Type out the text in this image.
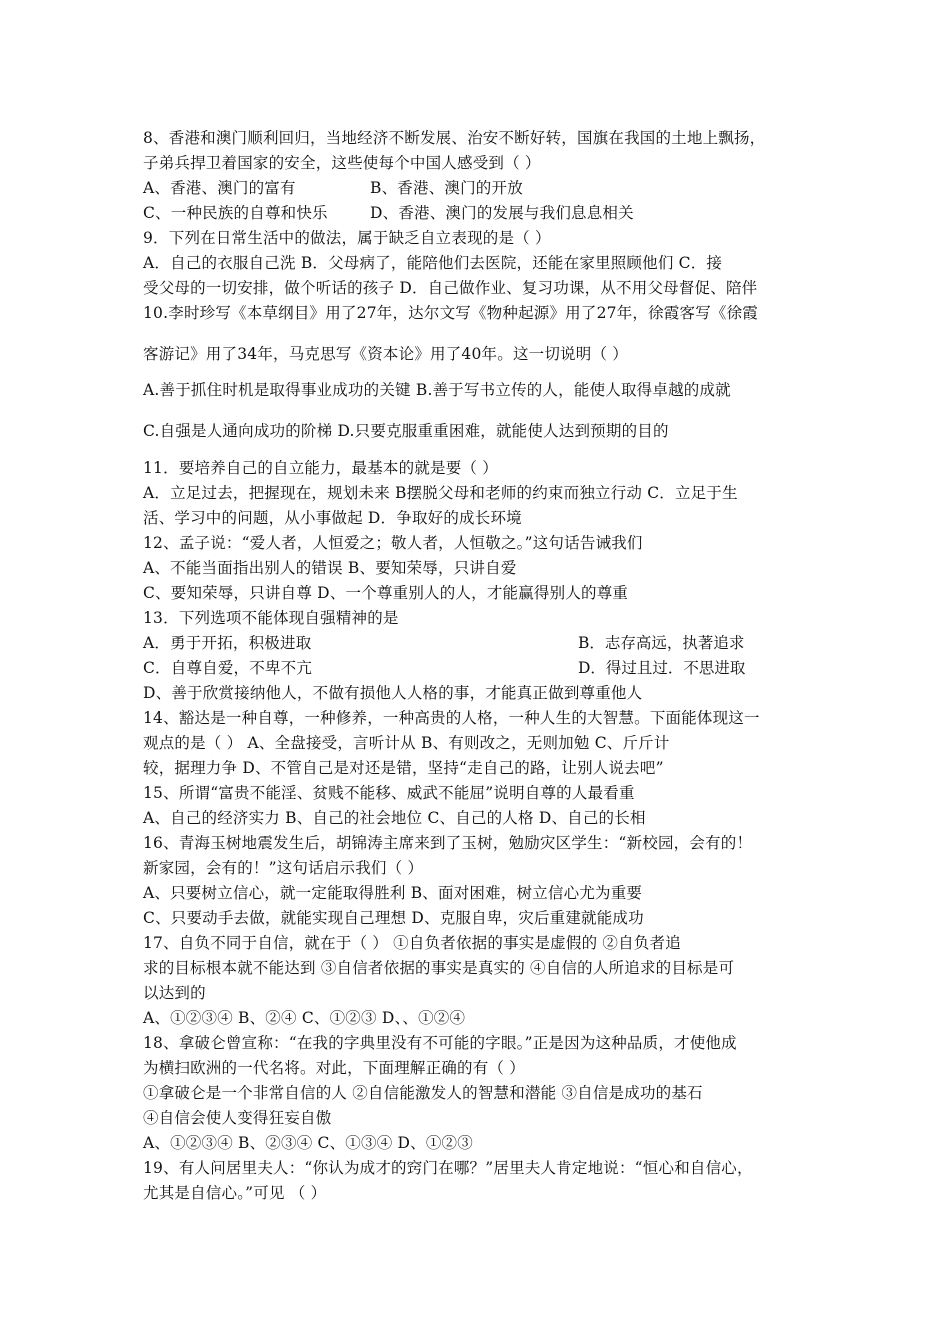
8、香港和澳门顺利回归，当地经济不断发展、治安不断好转，国旗在我国的土地上飘扬，
子弟兵捍卫着国家的安全，这些使每个中国人感受到（ ）
A、香港、澳门的富有	B、香港、澳门的开放
C、一种民族的自尊和快乐	D、香港、澳门的发展与我们息息相关
9．下列在日常生活中的做法，属于缺乏自立表现的是（ ）
A．自己的衣服自己洗 B．父母病了，能陪他们去医院，还能在家里照顾他们 C．接
受父母的一切安排，做个听话的孩子 D．自己做作业、复习功课，从不用父母督促、陪伴
10.李时珍写《本草纲目》用了27年，达尔文写《物种起源》用了27年，徐霞客写《徐霞
客游记》用了34年，马克思写《资本论》用了40年。这一切说明（ ）
A.善于抓住时机是取得事业成功的关键 B.善于写书立传的人，能使人取得卓越的成就
C.自强是人通向成功的阶梯 D.只要克服重重困难，就能使人达到预期的目的
11．要培养自己的自立能力，最基本的就是要（ ）
A．立足过去，把握现在，规划未来 B摆脱父母和老师的约束而独立行动 C．立足于生
活、学习中的问题，从小事做起 D．争取好的成长环境
12、孟子说：“爱人者，人恒爱之；敬人者，人恒敬之。”这句话告诫我们
A、不能当面指出别人的错误 B、要知荣辱，只讲自爱
C、要知荣辱，只讲自尊 D、一个尊重别人的人，才能赢得别人的尊重
13．下列选项不能体现自强精神的是
A．勇于开拓，积极进取	B．志存高远，执著追求
C．自尊自爱，不卑不亢	D．得过且过．不思进取
D、善于欣赏接纳他人，不做有损他人人格的事，才能真正做到尊重他人
14、豁达是一种自尊，一种修养，一种高贵的人格，一种人生的大智慧。下面能体现这一
观点的是（ ） A、全盘接受，言听计从 B、有则改之，无则加勉 C、斤斤计
较，据理力争 D、不管自己是对还是错，坚持“走自己的路，让别人说去吧”
15、所谓“富贵不能淫、贫贱不能移、威武不能屈”说明自尊的人最看重
A、自己的经济实力 B、自己的社会地位 C、自己的人格 D、自己的长相
16、青海玉树地震发生后，胡锦涛主席来到了玉树，勉励灾区学生：“新校园，会有的！
新家园，会有的！”这句话启示我们（ ）
A、只要树立信心，就一定能取得胜利 B、面对困难，树立信心尤为重要
C、只要动手去做，就能实现自己理想 D、克服自卑，灾后重建就能成功
17、自负不同于自信，就在于（ ） ①自负者依据的事实是虚假的 ②自负者追
求的目标根本就不能达到 ③自信者依据的事实是真实的 ④自信的人所追求的目标是可
以达到的
A、①②③④ B、②④ C、①②③ D、、①②④
18、拿破仑曾宣称：“在我的字典里没有不可能的字眼。”正是因为这种品质，才使他成
为横扫欧洲的一代名将。对此，下面理解正确的有（ ）
①拿破仑是一个非常自信的人 ②自信能激发人的智慧和潜能 ③自信是成功的基石
④自信会使人变得狂妄自傲
A、①②③④ B、②③④ C、①③④ D、①②③
19、有人问居里夫人：“你认为成才的窍门在哪？”居里夫人肯定地说：“恒心和自信心，
尤其是自信心。”可见 （ ）
